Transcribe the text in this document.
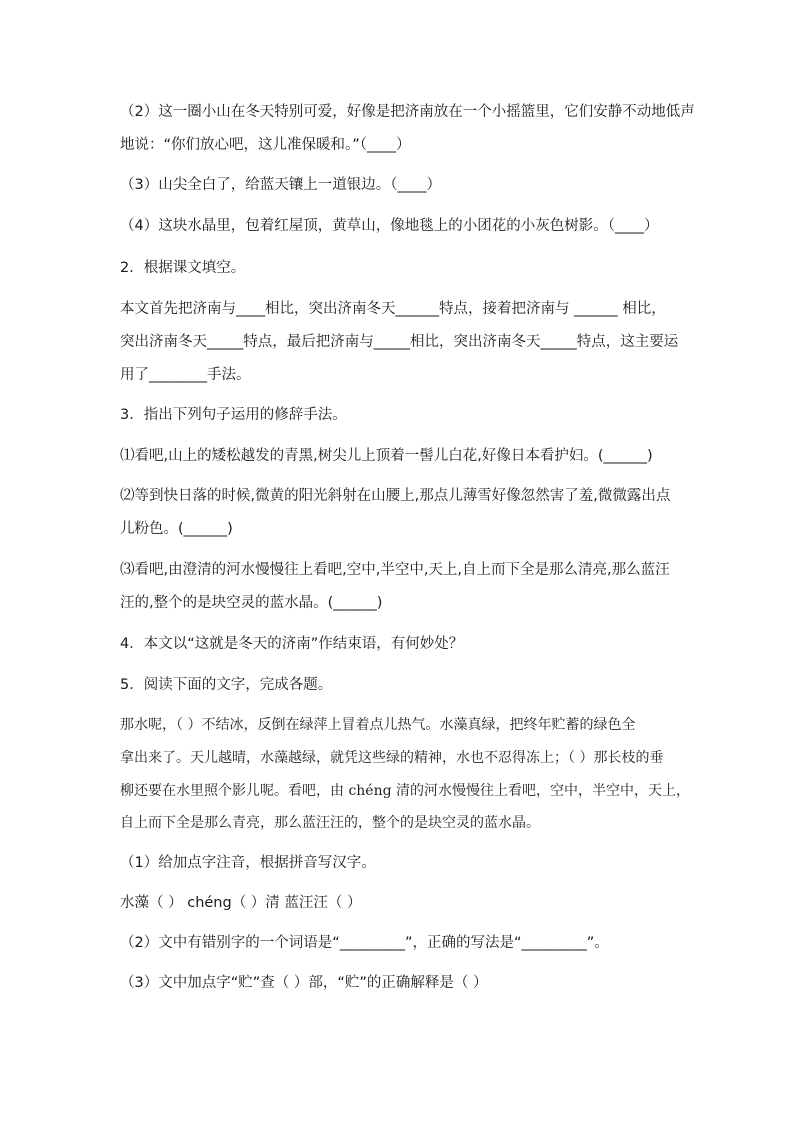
（2）这一圈小山在冬天特别可爱，好像是把济南放在一个小摇篮里，它们安静不动地低声
地说：“你们放心吧，这儿准保暖和。”（____）
（3）山尖全白了，给蓝天镶上一道银边。（____）
（4）这块水晶里，包着红屋顶，黄草山，像地毯上的小团花的小灰色树影。（____）
2．根据课文填空。
本文首先把济南与____相比，突出济南冬天______特点，接着把济南与 ______ 相比，
突出济南冬天_____特点，最后把济南与_____相比，突出济南冬天_____特点，这主要运
用了________手法。
3．指出下列句子运用的修辞手法。
⑴看吧,山上的矮松越发的青黑,树尖儿上顶着一髻儿白花,好像日本看护妇。(______)
⑵等到快日落的时候,微黄的阳光斜射在山腰上,那点儿薄雪好像忽然害了羞,微微露出点
儿粉色。(______)
⑶看吧,由澄清的河水慢慢往上看吧,空中,半空中,天上,自上而下全是那么清亮,那么蓝汪
汪的,整个的是块空灵的蓝水晶。(______)
4．本文以“这就是冬天的济南”作结束语，有何妙处？
5．阅读下面的文字，完成各题。
那水呢，（ ）不结冰，反倒在绿萍上冒着点儿热气。水藻真绿，把终年贮蓄的绿色全
拿出来了。天儿越晴，水藻越绿，就凭这些绿的精神，水也不忍得冻上；（ ）那长枝的垂
柳还要在水里照个影儿呢。看吧，由 chéng 清的河水慢慢往上看吧，空中，半空中，天上，
自上而下全是那么青亮，那么蓝汪汪的，整个的是块空灵的蓝水晶。
（1）给加点字注音，根据拼音写汉字。
水藻（ ） chéng（ ）清 蓝汪汪（ ）
（2）文中有错别字的一个词语是“_________”，正确的写法是“_________”。
（3）文中加点字“贮”查（ ）部，“贮”的正确解释是（ ）
